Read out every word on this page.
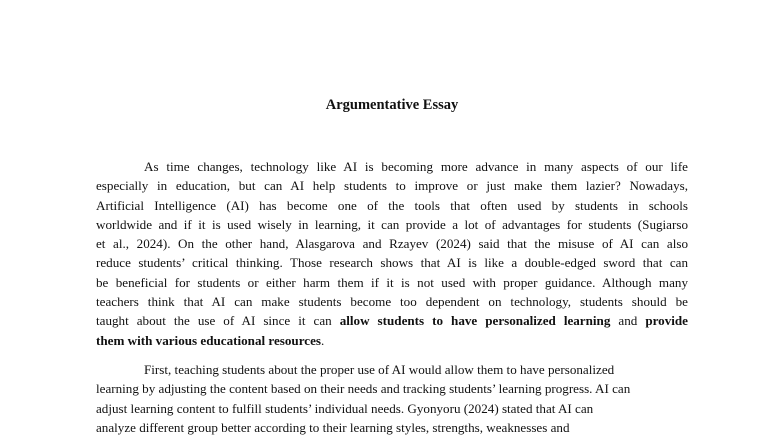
Argumentative Essay
As time changes, technology like AI is becoming more advance in many aspects of our life
especially in education, but can AI help students to improve or just make them lazier? Nowadays,
Artificial Intelligence (AI) has become one of the tools that often used by students in schools
worldwide and if it is used wisely in learning, it can provide a lot of advantages for students (Sugiarso
et al., 2024). On the other hand, Alasgarova and Rzayev (2024) said that the misuse of AI can also
reduce students’ critical thinking. Those research shows that AI is like a double-edged sword that can
be beneficial for students or either harm them if it is not used with proper guidance. Although many
teachers think that AI can make students become too dependent on technology, students should be
taught about the use of AI since it can allow students to have personalized learning and provide
them with various educational resources.
First, teaching students about the proper use of AI would allow them to have personalized
learning by adjusting the content based on their needs and tracking students’ learning progress. AI can
adjust learning content to fulfill students’ individual needs. Gyonyoru (2024) stated that AI can
analyze different group better according to their learning styles, strengths, weaknesses and
